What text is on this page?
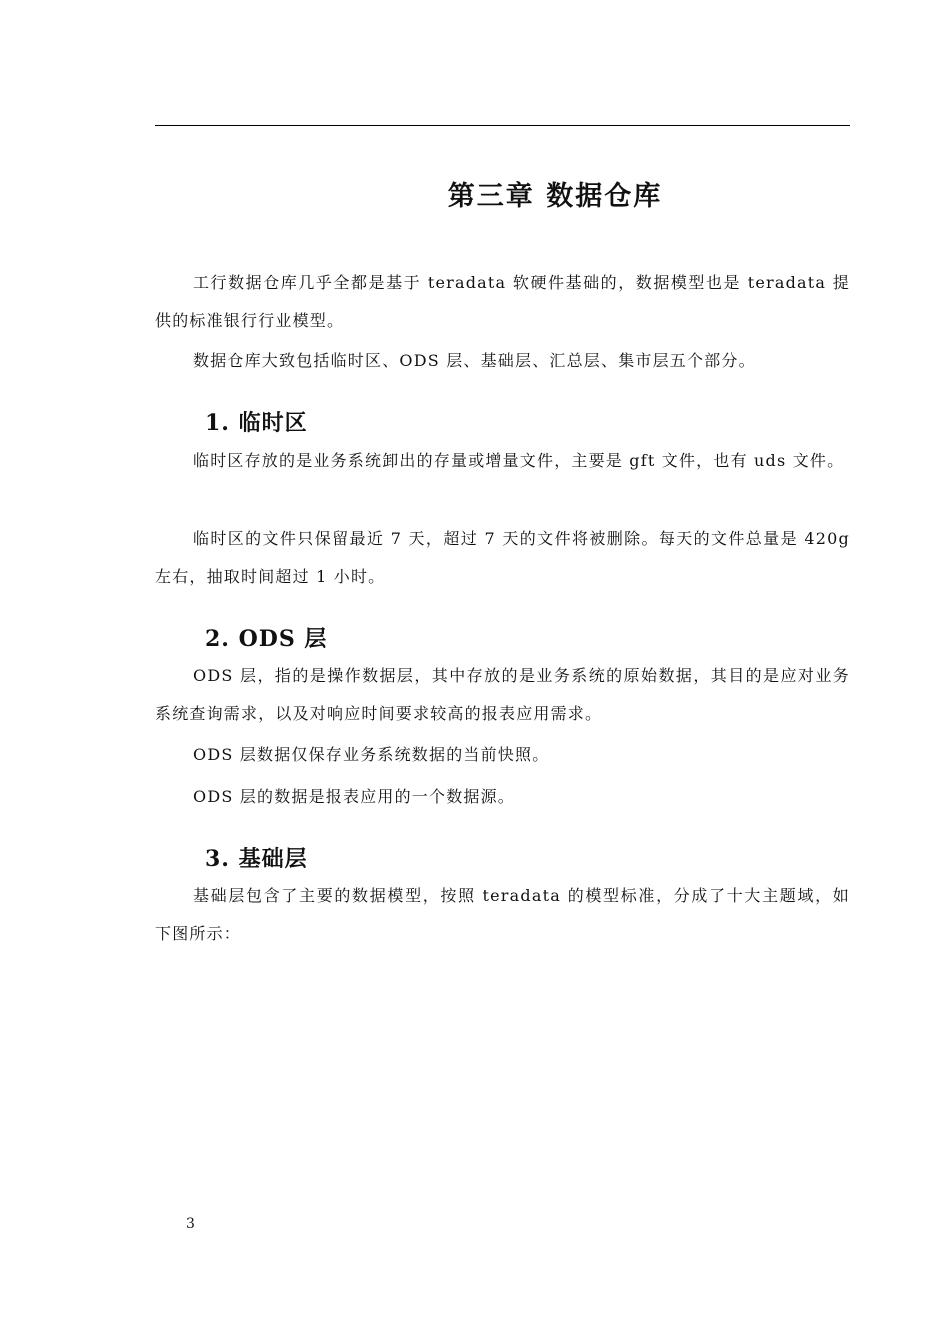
第三章 数据仓库

工行数据仓库几乎全都是基于 teradata 软硬件基础的，数据模型也是 teradata 提供的标准银行行业模型。

数据仓库大致包括临时区、ODS 层、基础层、汇总层、集市层五个部分。

1. 临时区

临时区存放的是业务系统卸出的存量或增量文件，主要是 gft 文件，也有 uds 文件。

临时区的文件只保留最近 7 天，超过 7 天的文件将被删除。每天的文件总量是 420g 左右，抽取时间超过 1 小时。

2. ODS 层

ODS 层，指的是操作数据层，其中存放的是业务系统的原始数据，其目的是应对业务系统查询需求，以及对响应时间要求较高的报表应用需求。

ODS 层数据仅保存业务系统数据的当前快照。

ODS 层的数据是报表应用的一个数据源。

3. 基础层

基础层包含了主要的数据模型，按照 teradata 的模型标准，分成了十大主题域，如下图所示：

3
